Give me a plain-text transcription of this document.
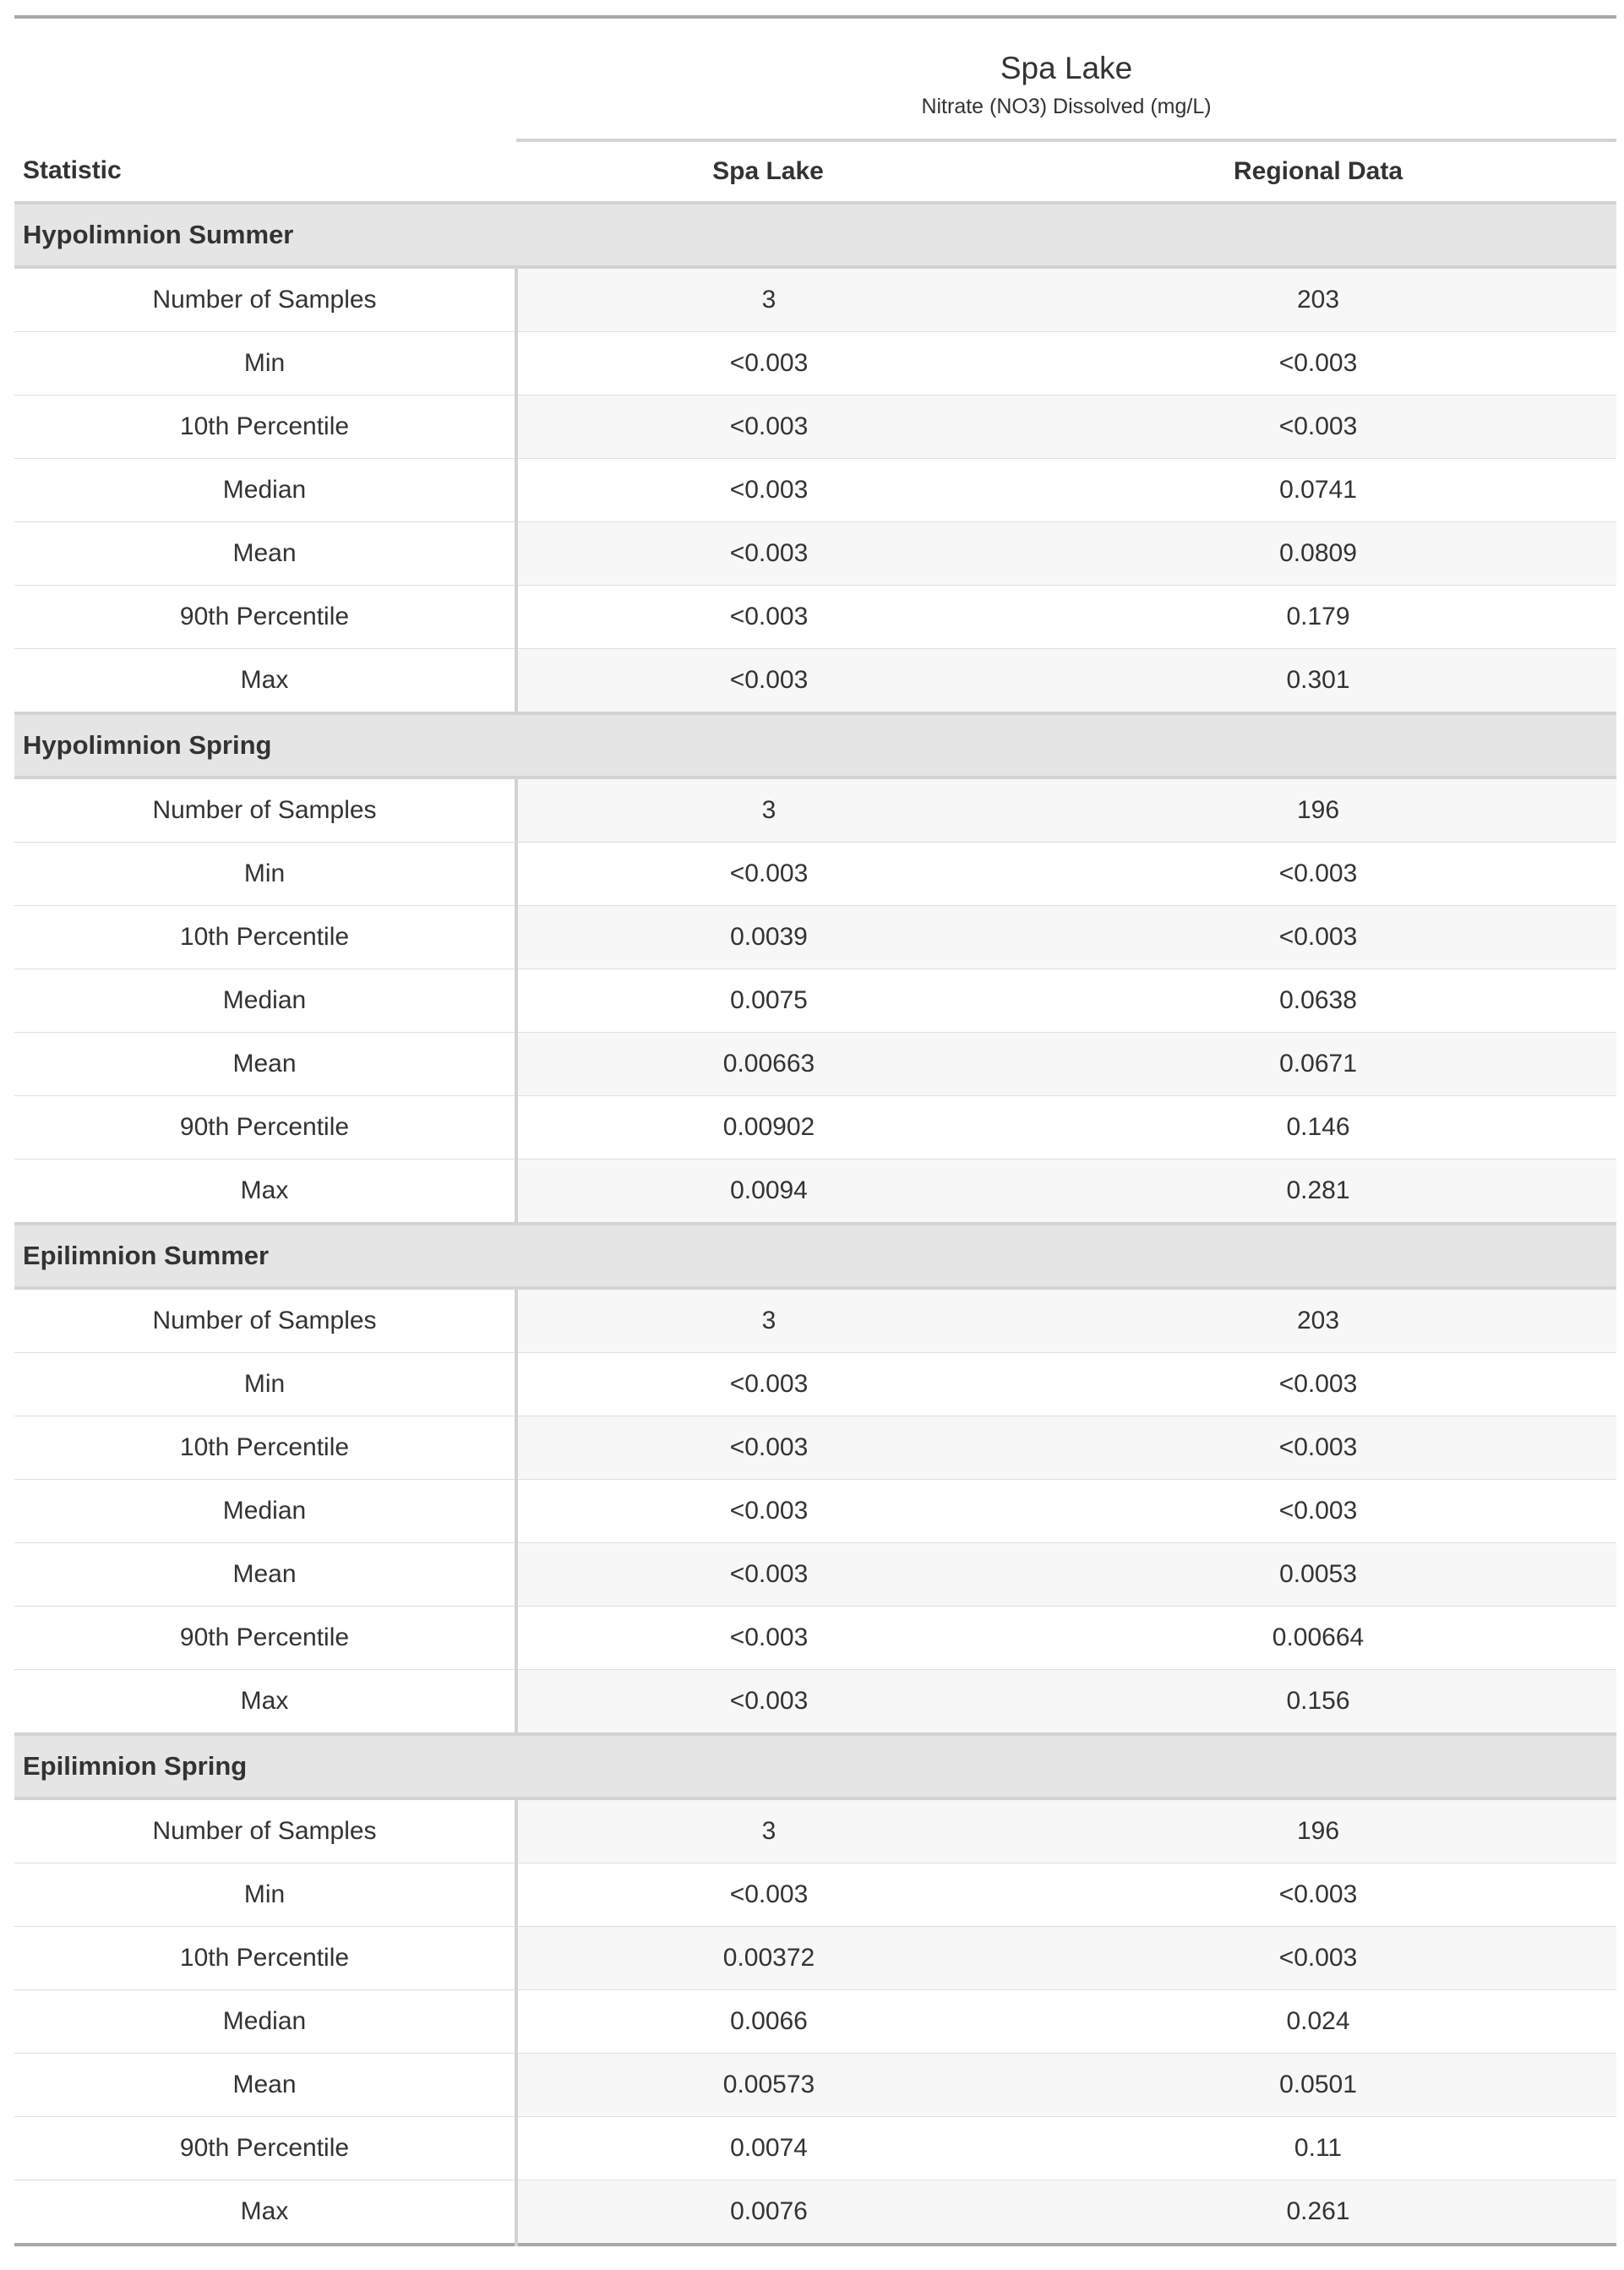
	Spa Lake	
	Nitrate (NO3) Dissolved (mg/L)	
Statistic	Spa Lake	Regional Data
Hypolimnion Summer		
Number of Samples	3	203
Min	<0.003	<0.003
10th Percentile	<0.003	<0.003
Median	<0.003	0.0741
Mean	<0.003	0.0809
90th Percentile	<0.003	0.179
Max	<0.003	0.301
Hypolimnion Spring		
Number of Samples	3	196
Min	<0.003	<0.003
10th Percentile	0.0039	<0.003
Median	0.0075	0.0638
Mean	0.00663	0.0671
90th Percentile	0.00902	0.146
Max	0.0094	0.281
Epilimnion Summer		
Number of Samples	3	203
Min	<0.003	<0.003
10th Percentile	<0.003	<0.003
Median	<0.003	<0.003
Mean	<0.003	0.0053
90th Percentile	<0.003	0.00664
Max	<0.003	0.156
Epilimnion Spring		
Number of Samples	3	196
Min	<0.003	<0.003
10th Percentile	0.00372	<0.003
Median	0.0066	0.024
Mean	0.00573	0.0501
90th Percentile	0.0074	0.11
Max	0.0076	0.261
